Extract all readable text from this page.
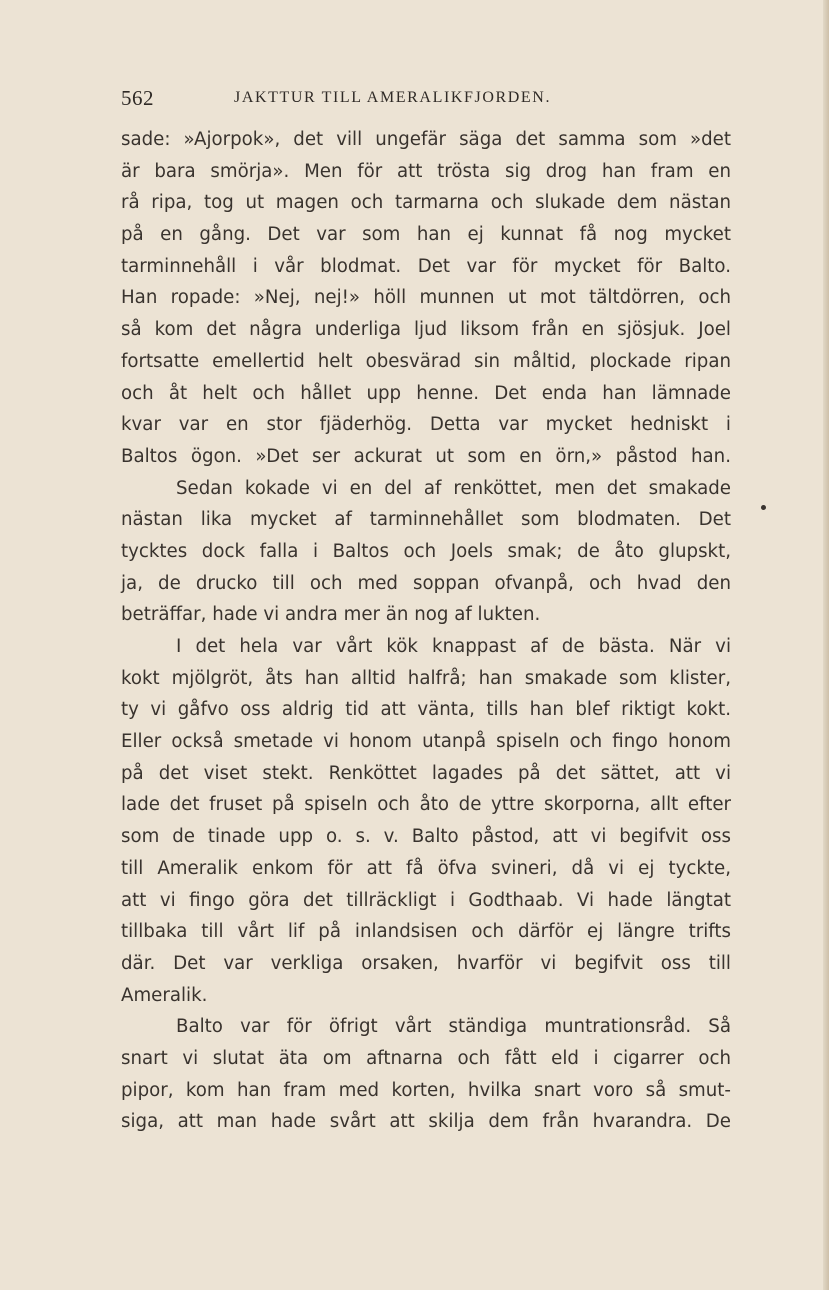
562	JAKTTUR TILL AMERALIKFJORDEN.
sade: »Ajorpok», det vill ungefär säga det samma som »det
är bara smörja». Men för att trösta sig drog han fram en
rå ripa, tog ut magen och tarmarna och slukade dem nästan
på en gång. Det var som han ej kunnat få nog mycket
tarminnehåll i vår blodmat. Det var för mycket för Balto.
Han ropade: »Nej, nej!» höll munnen ut mot tältdörren, och
så kom det några underliga ljud liksom från en sjösjuk. Joel
fortsatte emellertid helt obesvärad sin måltid, plockade ripan
och åt helt och hållet upp henne. Det enda han lämnade
kvar var en stor fjäderhög. Detta var mycket hedniskt i
Baltos ögon. »Det ser ackurat ut som en örn,» påstod han.
Sedan kokade vi en del af renköttet, men det smakade
nästan lika mycket af tarminnehållet som blodmaten. Det
tycktes dock falla i Baltos och Joels smak; de åto glupskt,
ja, de drucko till och med soppan ofvanpå, och hvad den
beträffar, hade vi andra mer än nog af lukten.
I det hela var vårt kök knappast af de bästa. När vi
kokt mjölgröt, åts han alltid halfrå; han smakade som klister,
ty vi gåfvo oss aldrig tid att vänta, tills han blef riktigt kokt.
Eller också smetade vi honom utanpå spiseln och fingo honom
på det viset stekt. Renköttet lagades på det sättet, att vi
lade det fruset på spiseln och åto de yttre skorporna, allt efter
som de tinade upp o. s. v. Balto påstod, att vi begifvit oss
till Ameralik enkom för att få öfva svineri, då vi ej tyckte,
att vi fingo göra det tillräckligt i Godthaab. Vi hade längtat
tillbaka till vårt lif på inlandsisen och därför ej längre trifts
där. Det var verkliga orsaken, hvarför vi begifvit oss till
Ameralik.
Balto var för öfrigt vårt ständiga muntrationsråd. Så
snart vi slutat äta om aftnarna och fått eld i cigarrer och
pipor, kom han fram med korten, hvilka snart voro så smut-
siga, att man hade svårt att skilja dem från hvarandra. De
